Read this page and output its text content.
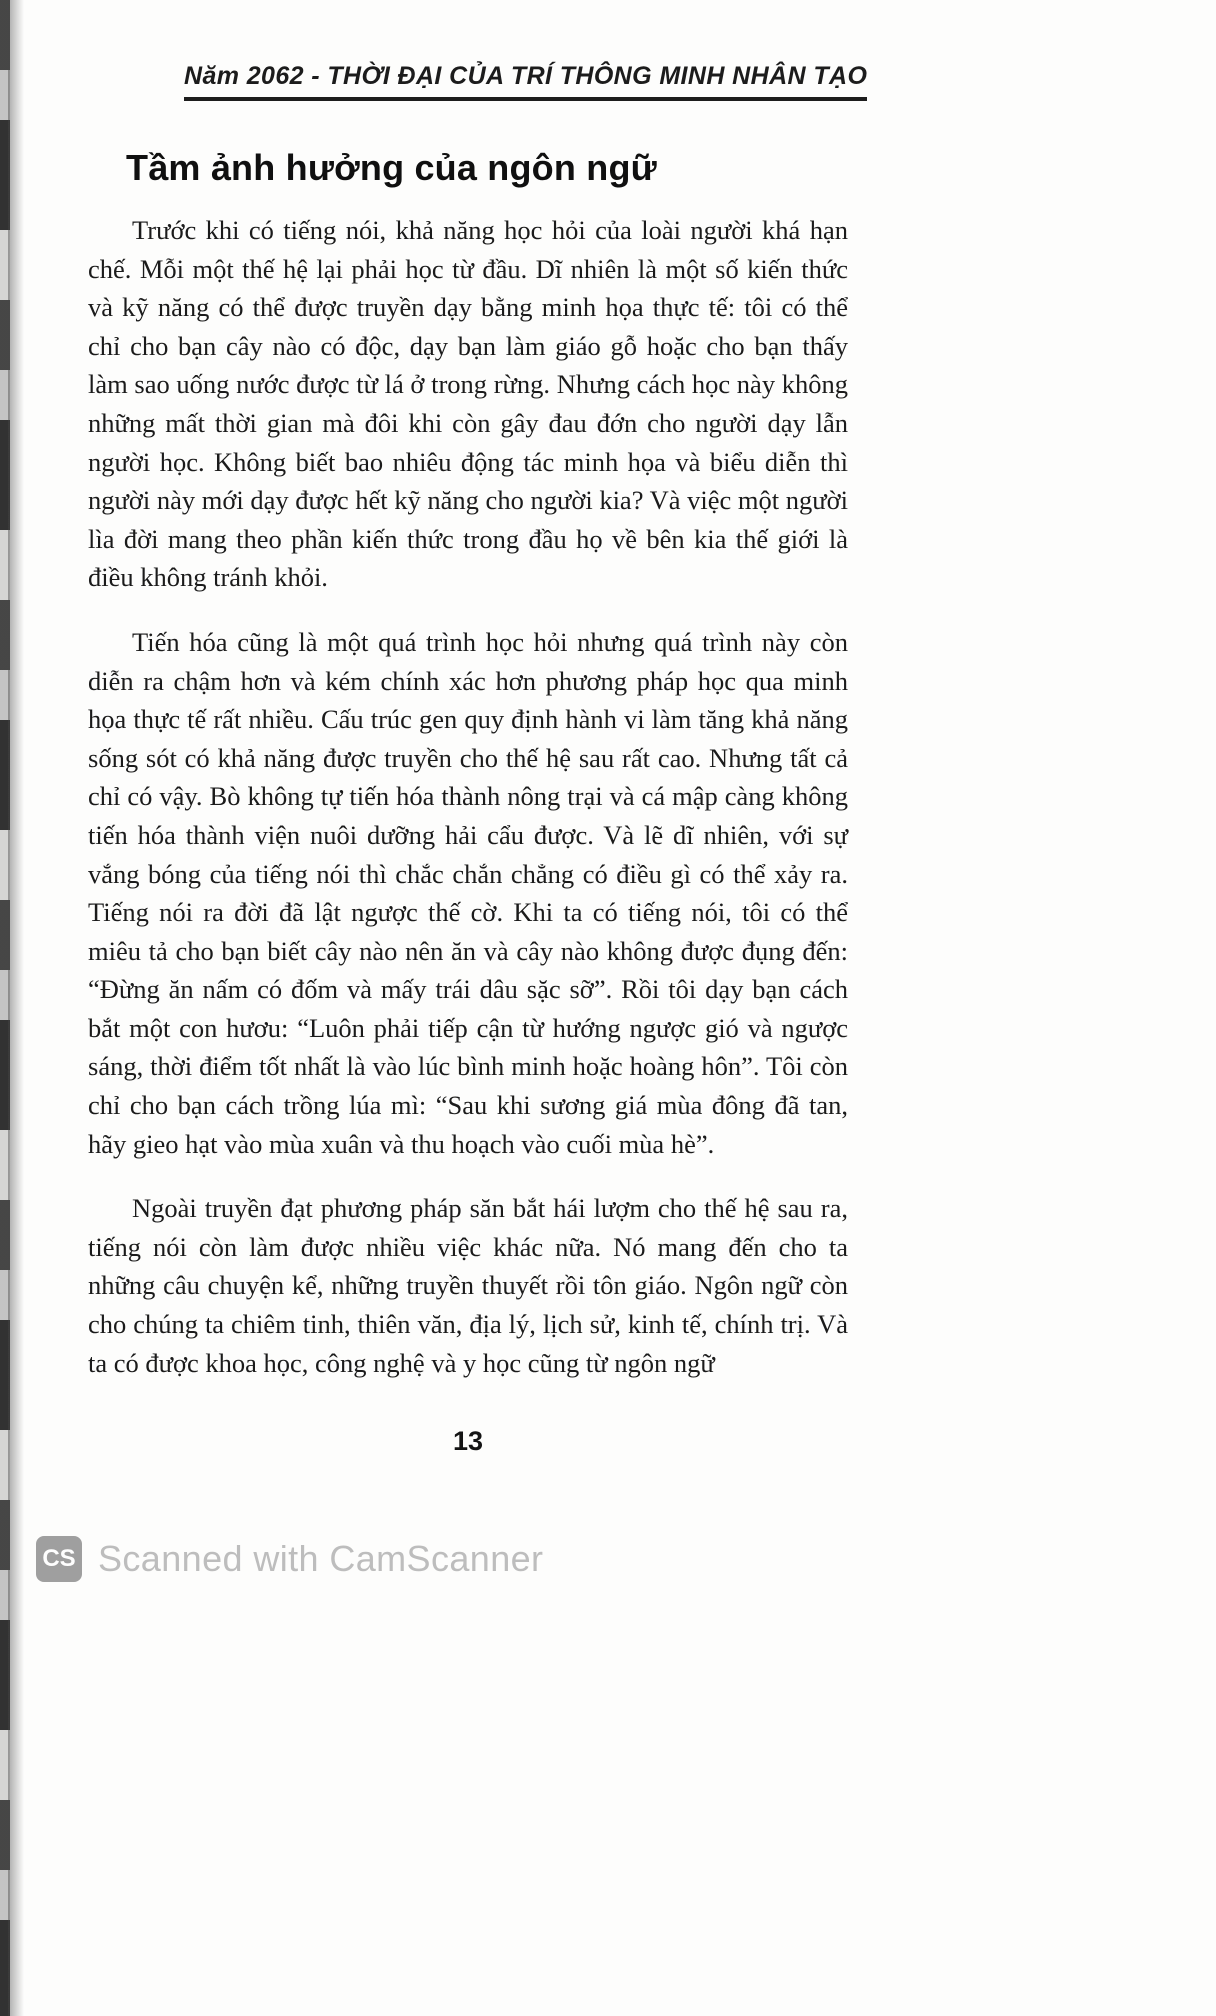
Năm 2062 - THỜI ĐẠI CỦA TRÍ THÔNG MINH NHÂN TẠO
Tầm ảnh hưởng của ngôn ngữ

Trước khi có tiếng nói, khả năng học hỏi của loài người khá hạn chế. Mỗi một thế hệ lại phải học từ đầu. Dĩ nhiên là một số kiến thức và kỹ năng có thể được truyền dạy bằng minh họa thực tế: tôi có thể chỉ cho bạn cây nào có độc, dạy bạn làm giáo gỗ hoặc cho bạn thấy làm sao uống nước được từ lá ở trong rừng. Nhưng cách học này không những mất thời gian mà đôi khi còn gây đau đớn cho người dạy lẫn người học. Không biết bao nhiêu động tác minh họa và biểu diễn thì người này mới dạy được hết kỹ năng cho người kia? Và việc một người lìa đời mang theo phần kiến thức trong đầu họ về bên kia thế giới là điều không tránh khỏi.

Tiến hóa cũng là một quá trình học hỏi nhưng quá trình này còn diễn ra chậm hơn và kém chính xác hơn phương pháp học qua minh họa thực tế rất nhiều. Cấu trúc gen quy định hành vi làm tăng khả năng sống sót có khả năng được truyền cho thế hệ sau rất cao. Nhưng tất cả chỉ có vậy. Bò không tự tiến hóa thành nông trại và cá mập càng không tiến hóa thành viện nuôi dưỡng hải cẩu được. Và lẽ dĩ nhiên, với sự vắng bóng của tiếng nói thì chắc chắn chẳng có điều gì có thể xảy ra. Tiếng nói ra đời đã lật ngược thế cờ. Khi ta có tiếng nói, tôi có thể miêu tả cho bạn biết cây nào nên ăn và cây nào không được đụng đến: “Đừng ăn nấm có đốm và mấy trái dâu sặc sỡ”. Rồi tôi dạy bạn cách bắt một con hươu: “Luôn phải tiếp cận từ hướng ngược gió và ngược sáng, thời điểm tốt nhất là vào lúc bình minh hoặc hoàng hôn”. Tôi còn chỉ cho bạn cách trồng lúa mì: “Sau khi sương giá mùa đông đã tan, hãy gieo hạt vào mùa xuân và thu hoạch vào cuối mùa hè”.

Ngoài truyền đạt phương pháp săn bắt hái lượm cho thế hệ sau ra, tiếng nói còn làm được nhiều việc khác nữa. Nó mang đến cho ta những câu chuyện kể, những truyền thuyết rồi tôn giáo. Ngôn ngữ còn cho chúng ta chiêm tinh, thiên văn, địa lý, lịch sử, kinh tế, chính trị. Và ta có được khoa học, công nghệ và y học cũng từ ngôn ngữ

13
CS Scanned with CamScanner
